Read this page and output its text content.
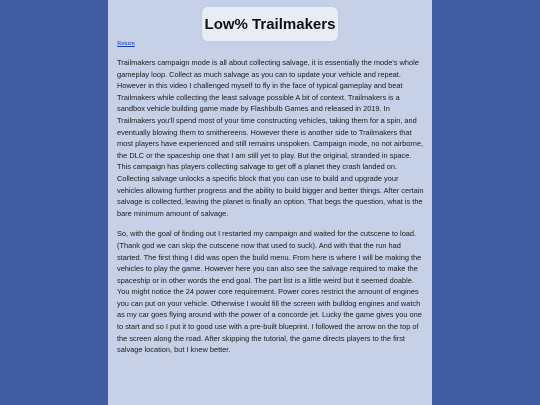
Low% Trailmakers
Return

Trailmakers campaign mode is all about collecting salvage, it is essentially the mode's whole gameplay loop. Collect as much salvage as you can to update your vehicle and repeat. However in this video I challenged myself to fly in the face of typical gameplay and beat Trailmakers while collecting the least salvage possible A bit of context. Trailmakers is a sandbox vehicle building game made by Flashbulb Games and released in 2019. In Trailmakers you'll spend most of your time constructing vehicles, taking them for a spin, and eventually blowing them to smithereens. However there is another side to Trailmakers that most players have experienced and still remains unspoken. Campaign mode, no not airborne, the DLC or the spaceship one that I am still yet to play. But the original, stranded in space. This campaign has players collecting salvage to get off a planet they crash landed on. Collecting salvage unlocks a specific block that you can use to build and upgrade your vehicles allowing further progress and the ability to build bigger and better things. After certain salvage is collected, leaving the planet is finally an option. That begs the question, what is the bare minimum amount of salvage.

So, with the goal of finding out I restarted my campaign and waited for the cutscene to load. (Thank god we can skip the cutscene now that used to suck). And with that the run had started. The first thing I did was open the build menu. From here is where I will be making the vehicles to play the game. However here you can also see the salvage required to make the spaceship or in other words the end goal. The part list is a little weird but it seemed doable. You might notice the 24 power core requirement. Power cores restrict the amount of engines you can put on your vehicle. Otherwise I would fill the screen with bulldog engines and watch as my car goes flying around with the power of a concorde jet. Lucky the game gives you one to start and so I put it to good use with a pre-built blueprint. I followed the arrow on the top of the screen along the road. After skipping the tutorial, the game directs players to the first salvage location, but I knew better.
